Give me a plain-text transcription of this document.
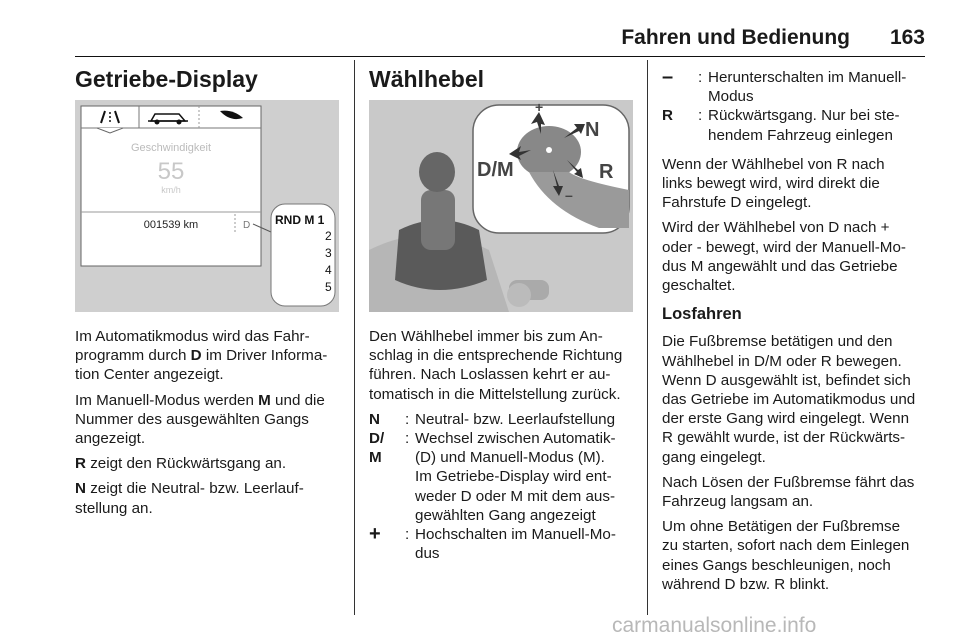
Fahren und Bedienung 163
Getriebe-Display
Geschwindigkeit
55
km/h
001539 km	D RND M 1
2
3
4
5

Im Automatikmodus wird das Fahr-
programm durch D im Driver Informa-
tion Center angezeigt.

Im Manuell-Modus werden M und die
Nummer des ausgewählten Gangs
angezeigt.

R zeigt den Rückwärtsgang an.

N zeigt die Neutral- bzw. Leerlauf-
stellung an.

Wählhebel
D/M
N
R
+
–

Den Wählhebel immer bis zum An-
schlag in die entsprechende Richtung
führen. Nach Loslassen kehrt er au-
tomatisch in die Mittelstellung zurück.

N	: Neutral- bzw. Leerlaufstellung
D/	: Wechsel zwischen Automatik-
M	(D) und Manuell-Modus (M).
Im Getriebe-Display wird ent-
weder D oder M mit dem aus-
gewählten Gang angezeigt
+	: Hochschalten im Manuell-Mo-
dus
–	: Herunterschalten im Manuell-
Modus
R	: Rückwärtsgang. Nur bei ste-
hendem Fahrzeug einlegen

Wenn der Wählhebel von R nach
links bewegt wird, wird direkt die
Fahrstufe D eingelegt.

Wird der Wählhebel von D nach +
oder - bewegt, wird der Manuell-Mo-
dus M angewählt und das Getriebe
geschaltet.

Losfahren

Die Fußbremse betätigen und den
Wählhebel in D/M oder R bewegen.
Wenn D ausgewählt ist, befindet sich
das Getriebe im Automatikmodus und
der erste Gang wird eingelegt. Wenn
R gewählt wurde, ist der Rückwärts-
gang eingelegt.

Nach Lösen der Fußbremse fährt das
Fahrzeug langsam an.

Um ohne Betätigen der Fußbremse
zu starten, sofort nach dem Einlegen
eines Gangs beschleunigen, noch
während D bzw. R blinkt.

carmanualsonline.info
